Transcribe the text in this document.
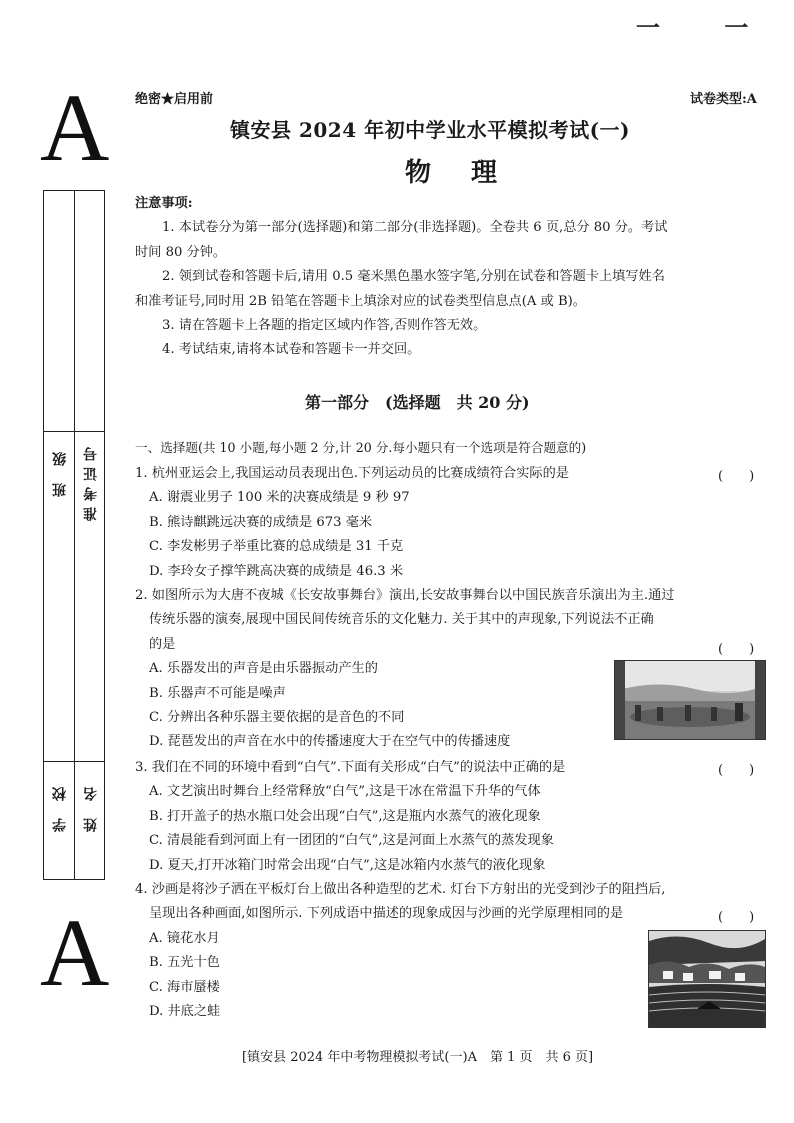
一 一
A
A
班 级 准考证号
学 校 姓 名
绝密★启用前	试卷类型:A
镇安县 2024 年初中学业水平模拟考试(一)
物理
注意事项:
1. 本试卷分为第一部分(选择题)和第二部分(非选择题)。全卷共 6 页,总分 80 分。考试
时间 80 分钟。
2. 领到试卷和答题卡后,请用 0.5 毫米黑色墨水签字笔,分别在试卷和答题卡上填写姓名
和准考证号,同时用 2B 铅笔在答题卡上填涂对应的试卷类型信息点(A 或 B)。
3. 请在答题卡上各题的指定区域内作答,否则作答无效。
4. 考试结束,请将本试卷和答题卡一并交回。
第一部分　(选择题　共 20 分)
一、选择题(共 10 小题,每小题 2 分,计 20 分.每小题只有一个选项是符合题意的)
1. 杭州亚运会上,我国运动员表现出色.下列运动员的比赛成绩符合实际的是
A. 谢震业男子 100 米的决赛成绩是 9 秒 97
B. 熊诗麒跳远决赛的成绩是 673 毫米
C. 李发彬男子举重比赛的总成绩是 31 千克
D. 李玲女子撑竿跳高决赛的成绩是 46.3 米
(　　)
2. 如图所示为大唐不夜城《长安故事舞台》演出,长安故事舞台以中国民族音乐演出为主.通过
传统乐器的演奏,展现中国民间传统音乐的文化魅力. 关于其中的声现象,下列说法不正确
的是
A. 乐器发出的声音是由乐器振动产生的
B. 乐器声不可能是噪声
C. 分辨出各种乐器主要依据的是音色的不同
D. 琵琶发出的声音在水中的传播速度大于在空气中的传播速度
(　　)
3. 我们在不同的环境中看到“白气”.下面有关形成“白气”的说法中正确的是
A. 文艺演出时舞台上经常释放“白气”,这是干冰在常温下升华的气体
B. 打开盖子的热水瓶口处会出现“白气”,这是瓶内水蒸气的液化现象
C. 清晨能看到河面上有一团团的“白气”,这是河面上水蒸气的蒸发现象
D. 夏天,打开冰箱门时常会出现“白气”,这是冰箱内水蒸气的液化现象
(　　)
4. 沙画是将沙子洒在平板灯台上做出各种造型的艺术. 灯台下方射出的光受到沙子的阻挡后,
呈现出各种画面,如图所示. 下列成语中描述的现象成因与沙画的光学原理相同的是
A. 镜花水月
B. 五光十色
C. 海市蜃楼
D. 井底之蛙
(　　)
[镇安县 2024 年中考物理模拟考试(一)A　第 1 页　共 6 页]
